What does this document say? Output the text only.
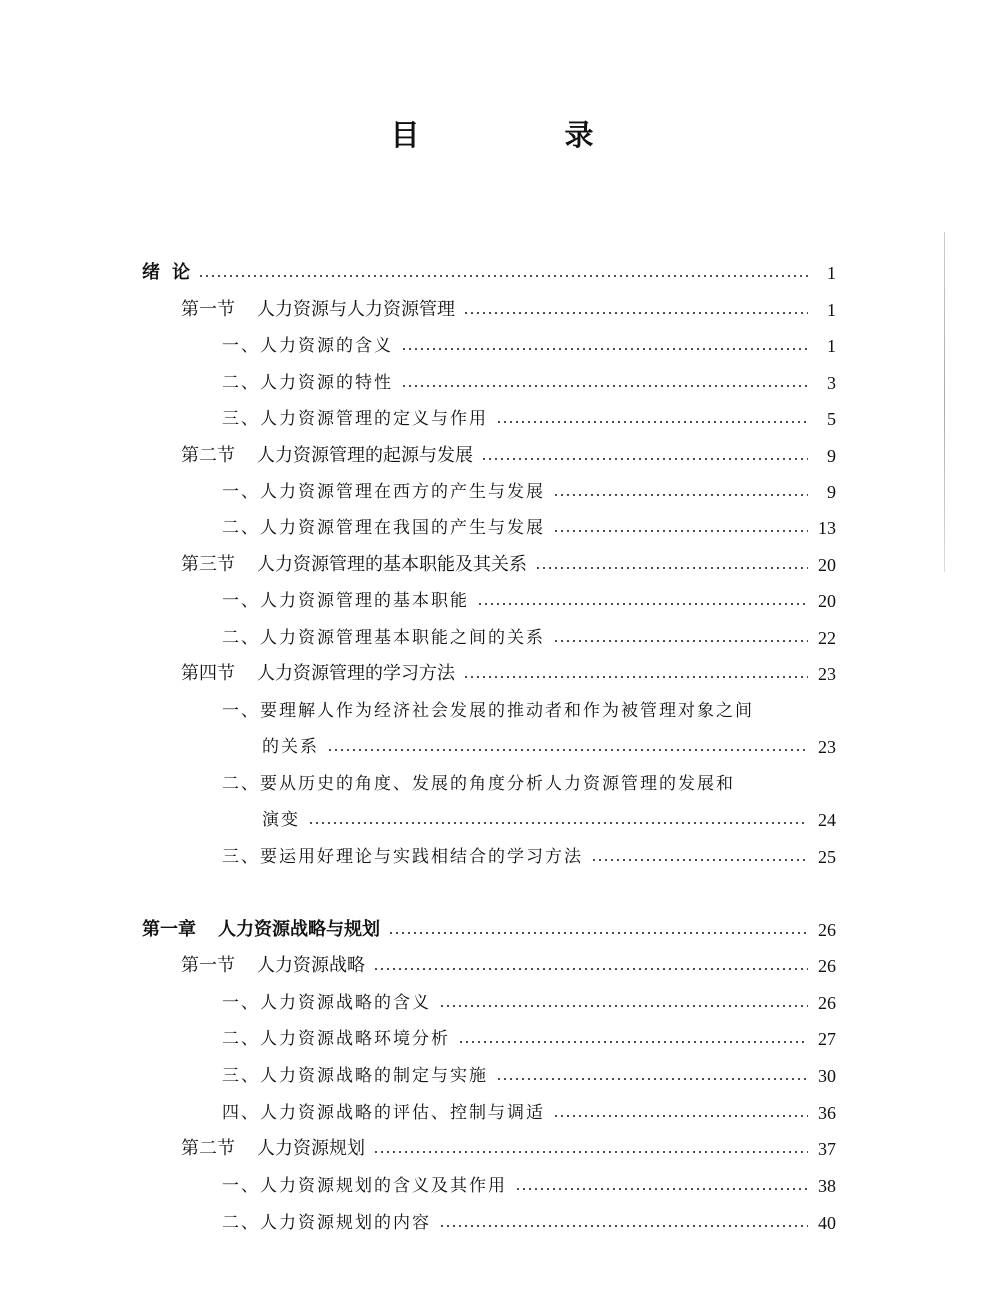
目　录
绪 论	1
第一节 人力资源与人力资源管理	1
一、人力资源的含义	1
二、人力资源的特性	3
三、人力资源管理的定义与作用	5
第二节 人力资源管理的起源与发展	9
一、人力资源管理在西方的产生与发展	9
二、人力资源管理在我国的产生与发展	13
第三节 人力资源管理的基本职能及其关系	20
一、人力资源管理的基本职能	20
二、人力资源管理基本职能之间的关系	22
第四节 人力资源管理的学习方法	23
一、要理解人作为经济社会发展的推动者和作为被管理对象之间
的关系	23
二、要从历史的角度、发展的角度分析人力资源管理的发展和
演变	24
三、要运用好理论与实践相结合的学习方法	25
第一章 人力资源战略与规划	26
第一节 人力资源战略	26
一、人力资源战略的含义	26
二、人力资源战略环境分析	27
三、人力资源战略的制定与实施	30
四、人力资源战略的评估、控制与调适	36
第二节 人力资源规划	37
一、人力资源规划的含义及其作用	38
二、人力资源规划的内容	40
